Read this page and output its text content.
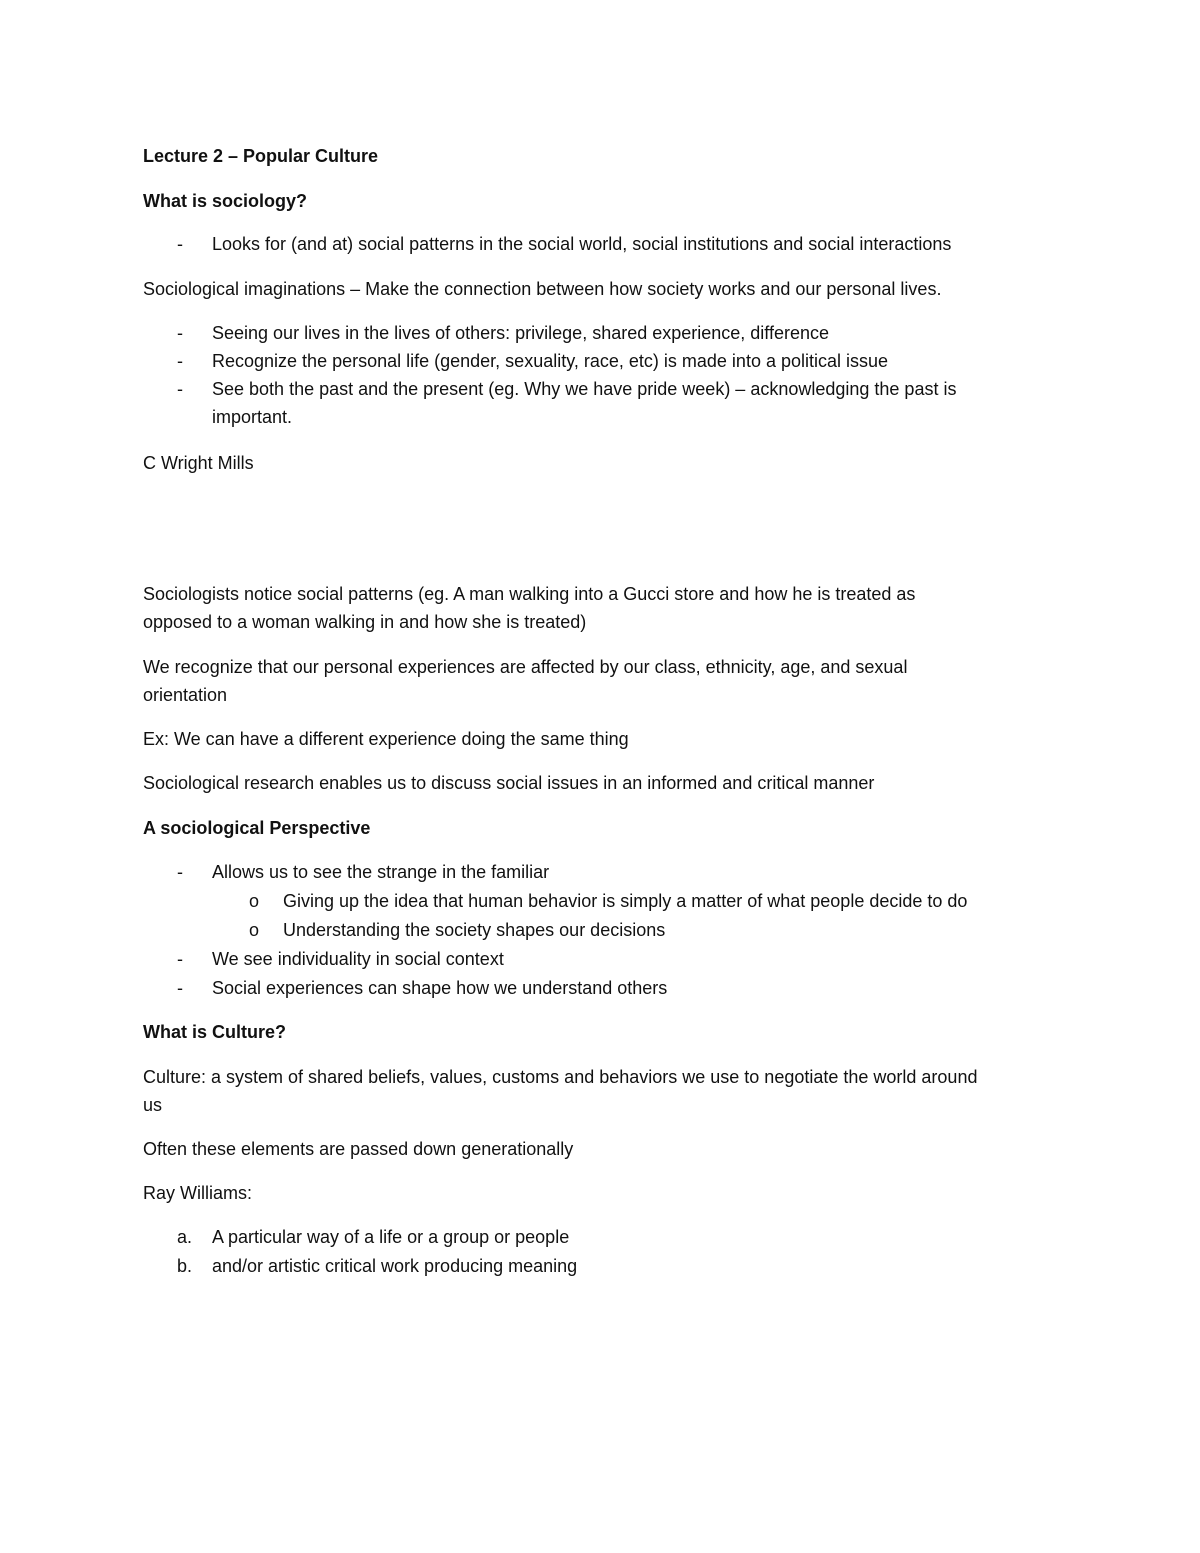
Lecture 2 – Popular Culture
What is sociology?
- Looks for (and at) social patterns in the social world, social institutions and social interactions
Sociological imaginations – Make the connection between how society works and our personal lives.
- Seeing our lives in the lives of others: privilege, shared experience, difference
- Recognize the personal life (gender, sexuality, race, etc) is made into a political issue
- See both the past and the present (eg. Why we have pride week) – acknowledging the past is
important.
C Wright Mills
Sociologists notice social patterns (eg. A man walking into a Gucci store and how he is treated as
opposed to a woman walking in and how she is treated)
We recognize that our personal experiences are affected by our class, ethnicity, age, and sexual
orientation
Ex: We can have a different experience doing the same thing
Sociological research enables us to discuss social issues in an informed and critical manner
A sociological Perspective
- Allows us to see the strange in the familiar
o Giving up the idea that human behavior is simply a matter of what people decide to do
o Understanding the society shapes our decisions
- We see individuality in social context
- Social experiences can shape how we understand others
What is Culture?
Culture: a system of shared beliefs, values, customs and behaviors we use to negotiate the world around
us
Often these elements are passed down generationally
Ray Williams:
a. A particular way of a life or a group or people
b. and/or artistic critical work producing meaning
